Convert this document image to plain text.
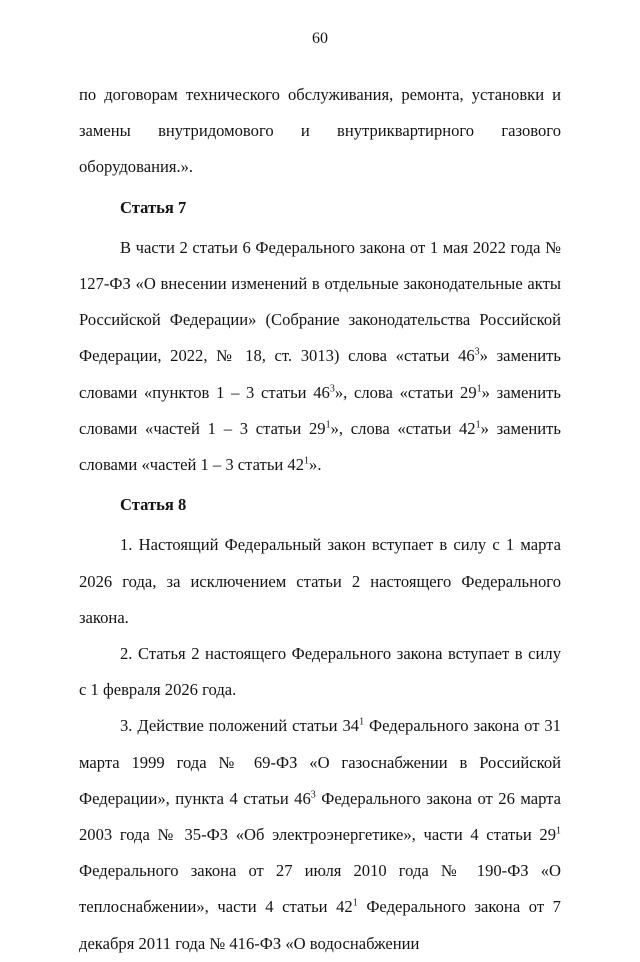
60

по договорам технического обслуживания, ремонта, установки и замены внутридомового и внутриквартирного газового оборудования.».

Статья 7

В части 2 статьи 6 Федерального закона от 1 мая 2022 года № 127-ФЗ «О внесении изменений в отдельные законодательные акты Российской Федерации» (Собрание законодательства Российской Федерации, 2022, № 18, ст. 3013) слова «статьи $46^3$» заменить словами «пунктов 1 – 3 статьи $46^3$», слова «статьи $29^1$» заменить словами «частей 1 – 3 статьи $29^1$», слова «статьи $42^1$» заменить словами «частей 1 – 3 статьи $42^1$».

Статья 8

1. Настоящий Федеральный закон вступает в силу с 1 марта 2026 года, за исключением статьи 2 настоящего Федерального закона.

2. Статья 2 настоящего Федерального закона вступает в силу с 1 февраля 2026 года.

3. Действие положений статьи $34^1$ Федерального закона от 31 марта 1999 года № 69-ФЗ «О газоснабжении в Российской Федерации», пункта 4 статьи $46^3$ Федерального закона от 26 марта 2003 года № 35-ФЗ «Об электроэнергетике», части 4 статьи $29^1$ Федерального закона от 27 июля 2010 года № 190-ФЗ «О теплоснабжении», части 4 статьи $42^1$ Федерального закона от 7 декабря 2011 года № 416-ФЗ «О водоснабжении
